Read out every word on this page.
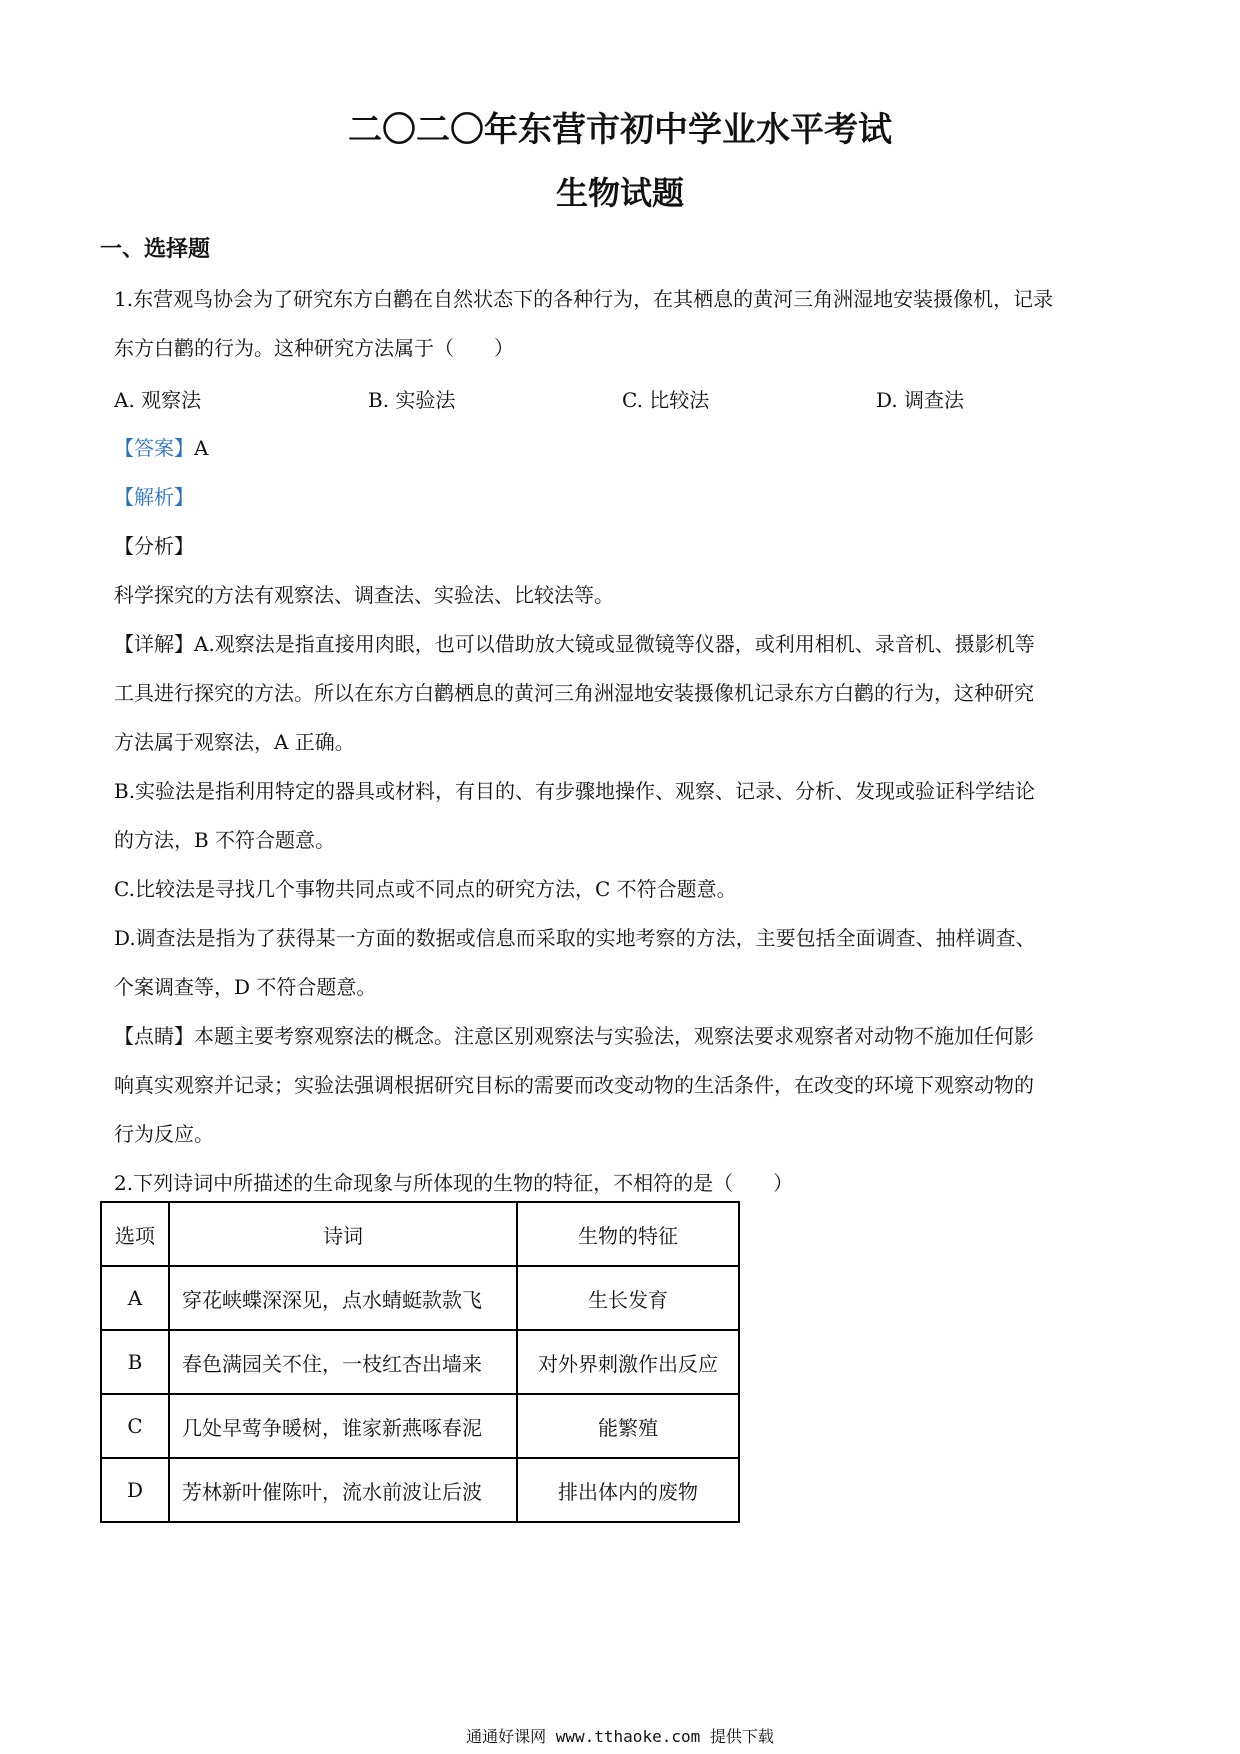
二〇二〇年东营市初中学业水平考试
生物试题
一、选择题
1.东营观鸟协会为了研究东方白鹳在自然状态下的各种行为，在其栖息的黄河三角洲湿地安装摄像机，记录
东方白鹳的行为。这种研究方法属于（　　）
A. 观察法	B. 实验法	C. 比较法	D. 调查法
【答案】A
【解析】
【分析】
科学探究的方法有观察法、调查法、实验法、比较法等。
【详解】A.观察法是指直接用肉眼，也可以借助放大镜或显微镜等仪器，或利用相机、录音机、摄影机等
工具进行探究的方法。所以在东方白鹳栖息的黄河三角洲湿地安装摄像机记录东方白鹳的行为，这种研究
方法属于观察法，A 正确。
B.实验法是指利用特定的器具或材料，有目的、有步骤地操作、观察、记录、分析、发现或验证科学结论
的方法，B 不符合题意。
C.比较法是寻找几个事物共同点或不同点的研究方法，C 不符合题意。
D.调查法是指为了获得某一方面的数据或信息而采取的实地考察的方法，主要包括全面调查、抽样调查、
个案调查等，D 不符合题意。
【点睛】本题主要考察观察法的概念。注意区别观察法与实验法，观察法要求观察者对动物不施加任何影
响真实观察并记录；实验法强调根据研究目标的需要而改变动物的生活条件，在改变的环境下观察动物的
行为反应。
2.下列诗词中所描述的生命现象与所体现的生物的特征，不相符的是（　　）
选项	诗词	生物的特征
A	穿花峡蝶深深见，点水蜻蜓款款飞	生长发育
B	春色满园关不住，一枝红杏出墙来	对外界刺激作出反应
C	几处早莺争暖树，谁家新燕啄春泥	能繁殖
D	芳林新叶催陈叶，流水前波让后波	排出体内的废物
通通好课网 www.tthaoke.com 提供下载
